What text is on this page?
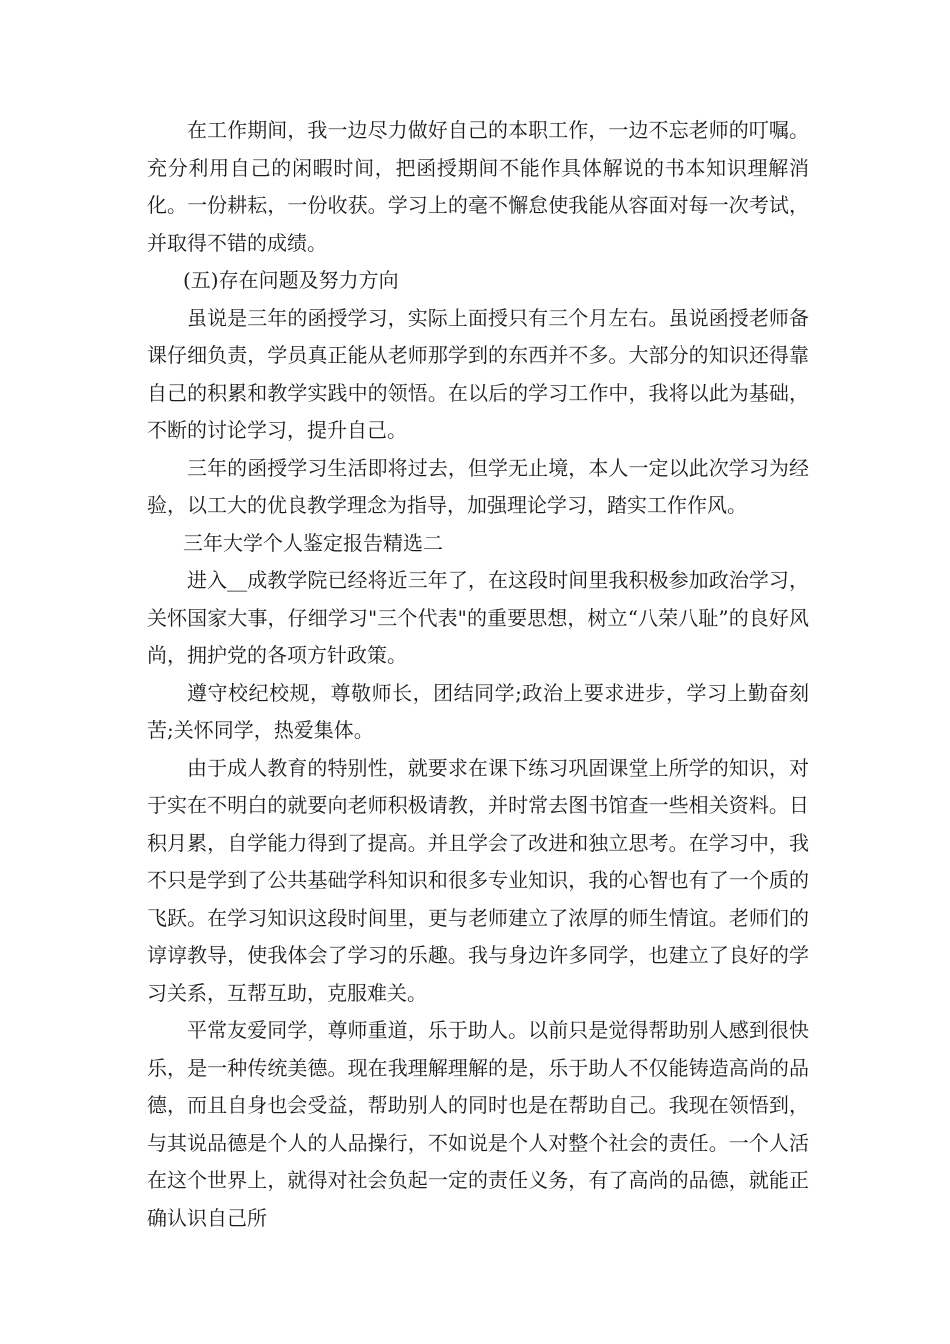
在工作期间，我一边尽力做好自己的本职工作，一边不忘老师的叮嘱。充分利用自己的闲暇时间，把函授期间不能作具体解说的书本知识理解消化。一份耕耘，一份收获。学习上的毫不懈怠使我能从容面对每一次考试，并取得不错的成绩。

(五)存在问题及努力方向

虽说是三年的函授学习，实际上面授只有三个月左右。虽说函授老师备课仔细负责，学员真正能从老师那学到的东西并不多。大部分的知识还得靠自己的积累和教学实践中的领悟。在以后的学习工作中，我将以此为基础，不断的讨论学习，提升自己。

三年的函授学习生活即将过去，但学无止境，本人一定以此次学习为经验，以工大的优良教学理念为指导，加强理论学习，踏实工作作风。

三年大学个人鉴定报告精选二

进入__成教学院已经将近三年了，在这段时间里我积极参加政治学习，关怀国家大事，仔细学习"三个代表"的重要思想，树立“八荣八耻”的良好风尚，拥护党的各项方针政策。

遵守校纪校规，尊敬师长，团结同学;政治上要求进步，学习上勤奋刻苦;关怀同学，热爱集体。

由于成人教育的特别性，就要求在课下练习巩固课堂上所学的知识，对于实在不明白的就要向老师积极请教，并时常去图书馆查一些相关资料。日积月累，自学能力得到了提高。并且学会了改进和独立思考。在学习中，我不只是学到了公共基础学科知识和很多专业知识，我的心智也有了一个质的飞跃。在学习知识这段时间里，更与老师建立了浓厚的师生情谊。老师们的谆谆教导，使我体会了学习的乐趣。我与身边许多同学，也建立了良好的学习关系，互帮互助，克服难关。

平常友爱同学，尊师重道，乐于助人。以前只是觉得帮助别人感到很快乐，是一种传统美德。现在我理解理解的是，乐于助人不仅能铸造高尚的品德，而且自身也会受益，帮助别人的同时也是在帮助自己。我现在领悟到，与其说品德是个人的人品操行，不如说是个人对整个社会的责任。一个人活在这个世界上，就得对社会负起一定的责任义务，有了高尚的品德，就能正确认识自己所
